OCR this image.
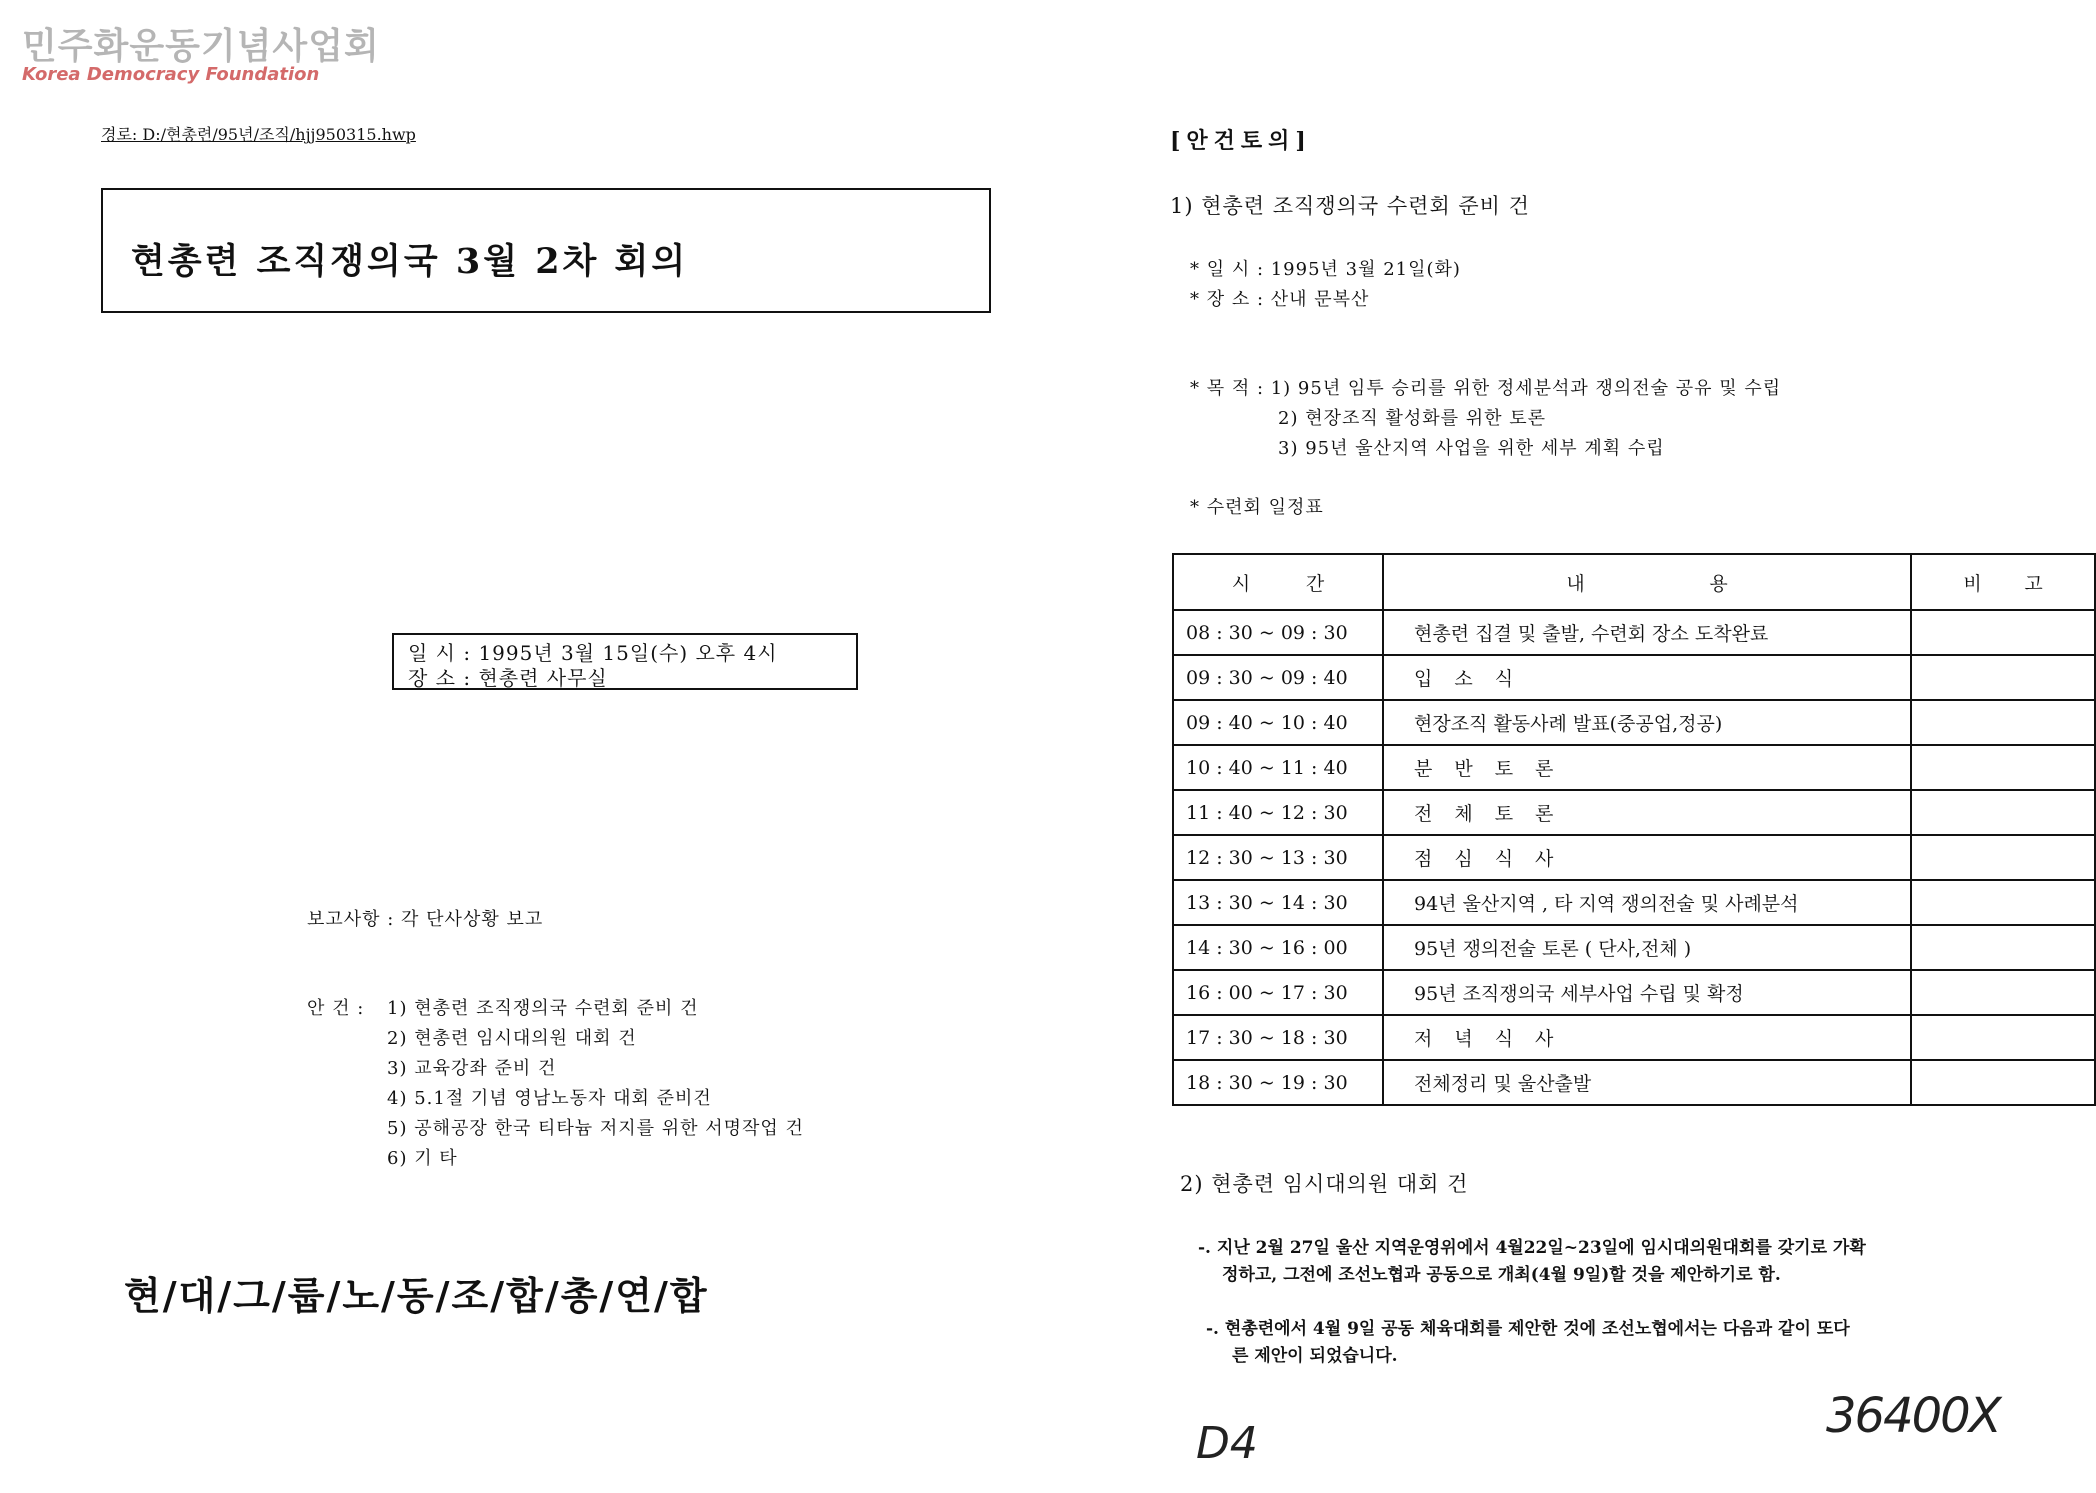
민주화운동기념사업회
Korea Democracy Foundation
경로: D:/현총련/95년/조직/hjj950315.hwp
현총련 조직쟁의국 3월 2차 회의
일 시 : 1995년 3월 15일(수) 오후 4시
장 소 : 현총련 사무실
보고사항 : 각 단사상황 보고
안 건 : 1) 현총련 조직쟁의국 수련회 준비 건
2) 현총련 임시대의원 대회 건
3) 교육강좌 준비 건
4) 5.1절 기념 영남노동자 대회 준비건
5) 공해공장 한국 티타늄 저지를 위한 서명작업 건
6) 기 타
현/대/그/룹/노/동/조/합/총/연/합
[안건토의]
1) 현총련 조직쟁의국 수련회 준비 건
* 일 시 : 1995년 3월 21일(화)
* 장 소 : 산내 문복산
* 목 적 : 1) 95년 임투 승리를 위한 정세분석과 쟁의전술 공유 및 수립
2) 현장조직 활성화를 위한 토론
3) 95년 울산지역 사업을 위한 세부 계획 수립
* 수련회 일정표
시 간	내 용	비 고

08 : 30 ~ 09 : 30	현총련 집결 및 출발, 수련회 장소 도착완료	
09 : 30 ~ 09 : 40	입소식	
09 : 40 ~ 10 : 40	현장조직 활동사례 발표(중공업,정공)	
10 : 40 ~ 11 : 40	분반토론	
11 : 40 ~ 12 : 30	전체토론	
12 : 30 ~ 13 : 30	점심식사	
13 : 30 ~ 14 : 30	94년 울산지역 , 타 지역 쟁의전술 및 사례분석	
14 : 30 ~ 16 : 00	95년 쟁의전술 토론 ( 단사,전체 )	
16 : 00 ~ 17 : 30	95년 조직쟁의국 세부사업 수립 및 확정	
17 : 30 ~ 18 : 30	저녁식사	
18 : 30 ~ 19 : 30	전체정리 및 울산출발	
2) 현총련 임시대의원 대회 건
-. 지난 2월 27일 울산 지역운영위에서 4월22일~23일에 임시대의원대회를 갖기로 가확
정하고, 그전에 조선노협과 공동으로 개최(4월 9일)할 것을 제안하기로 함.
-. 현총련에서 4월 9일 공동 체육대회를 제안한 것에 조선노협에서는 다음과 같이 또다
른 제안이 되었습니다.
D4	36400X
